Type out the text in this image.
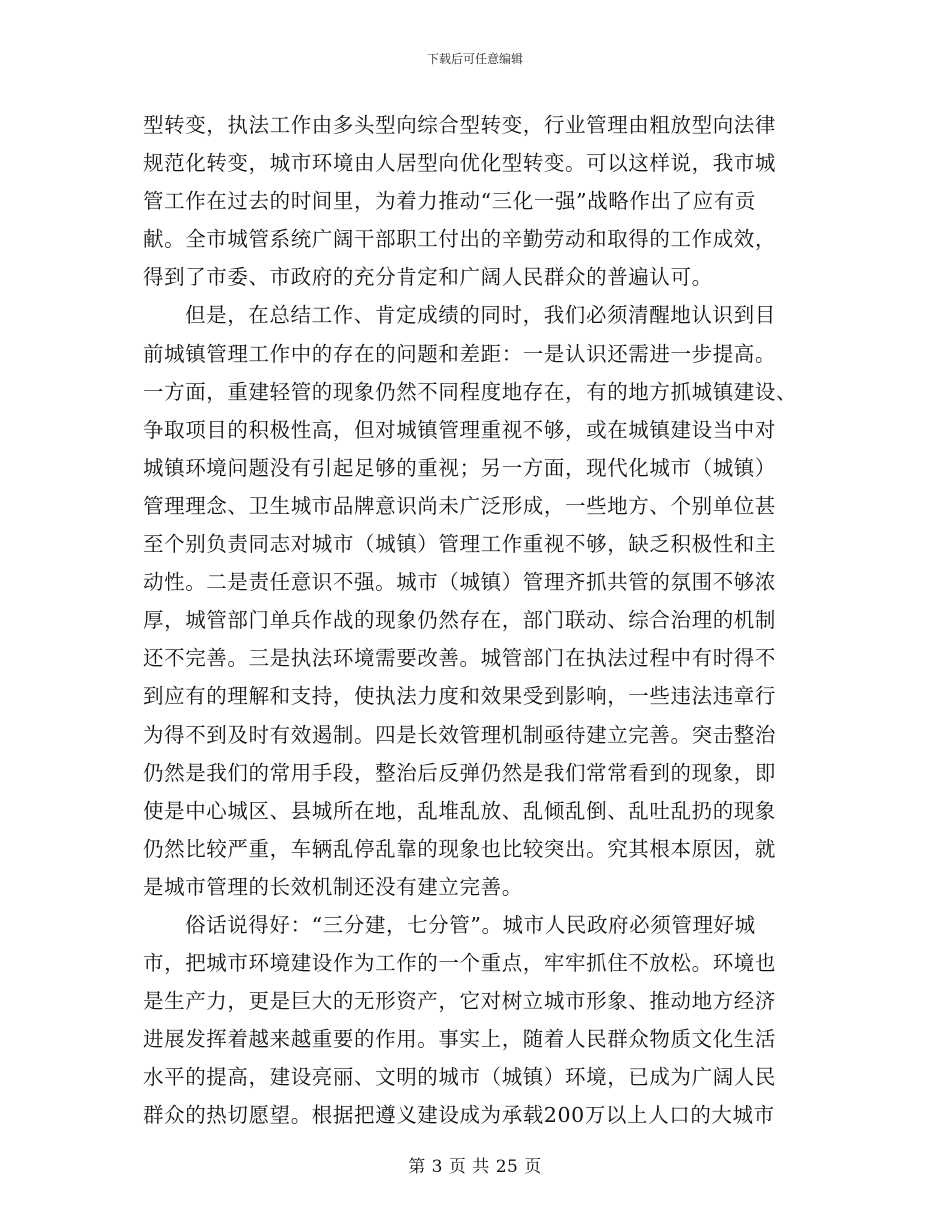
下载后可任意编辑
型转变，执法工作由多头型向综合型转变，行业管理由粗放型向法律
规范化转变，城市环境由人居型向优化型转变。可以这样说，我市城
管工作在过去的时间里，为着力推动“三化一强”战略作出了应有贡
献。全市城管系统广阔干部职工付出的辛勤劳动和取得的工作成效，
得到了市委、市政府的充分肯定和广阔人民群众的普遍认可。
但是，在总结工作、肯定成绩的同时，我们必须清醒地认识到目
前城镇管理工作中的存在的问题和差距：一是认识还需进一步提高。
一方面，重建轻管的现象仍然不同程度地存在，有的地方抓城镇建设、
争取项目的积极性高，但对城镇管理重视不够，或在城镇建设当中对
城镇环境问题没有引起足够的重视；另一方面，现代化城市（城镇）
管理理念、卫生城市品牌意识尚未广泛形成，一些地方、个别单位甚
至个别负责同志对城市（城镇）管理工作重视不够，缺乏积极性和主
动性。二是责任意识不强。城市（城镇）管理齐抓共管的氛围不够浓
厚，城管部门单兵作战的现象仍然存在，部门联动、综合治理的机制
还不完善。三是执法环境需要改善。城管部门在执法过程中有时得不
到应有的理解和支持，使执法力度和效果受到影响，一些违法违章行
为得不到及时有效遏制。四是长效管理机制亟待建立完善。突击整治
仍然是我们的常用手段，整治后反弹仍然是我们常常看到的现象，即
使是中心城区、县城所在地，乱堆乱放、乱倾乱倒、乱吐乱扔的现象
仍然比较严重，车辆乱停乱靠的现象也比较突出。究其根本原因，就
是城市管理的长效机制还没有建立完善。
俗话说得好：“三分建，七分管”。城市人民政府必须管理好城
市，把城市环境建设作为工作的一个重点，牢牢抓住不放松。环境也
是生产力，更是巨大的无形资产，它对树立城市形象、推动地方经济
进展发挥着越来越重要的作用。事实上，随着人民群众物质文化生活
水平的提高，建设亮丽、文明的城市（城镇）环境，已成为广阔人民
群众的热切愿望。根据把遵义建设成为承载200万以上人口的大城市
第 3 页 共 25 页
